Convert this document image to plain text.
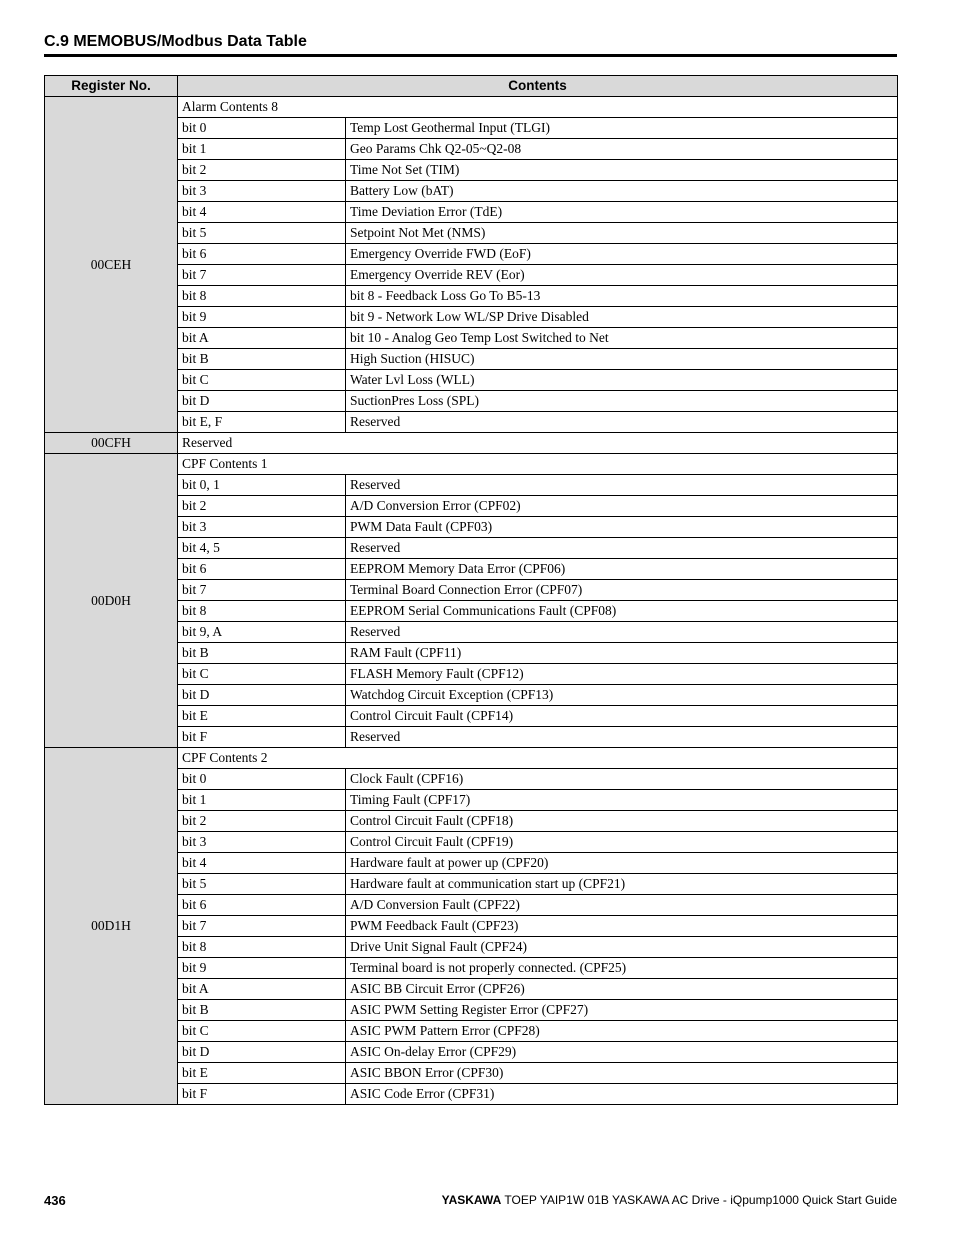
C.9 MEMOBUS/Modbus Data Table
Register No.	Contents	
00CEH	Alarm Contents 8	
	bit 0	Temp Lost Geothermal Input (TLGI)
	bit 1	Geo Params Chk Q2-05~Q2-08
	bit 2	Time Not Set (TIM)
	bit 3	Battery Low (bAT)
	bit 4	Time Deviation Error (TdE)
	bit 5	Setpoint Not Met (NMS)
	bit 6	Emergency Override FWD (EoF)
	bit 7	Emergency Override REV (Eor)
	bit 8	bit 8 - Feedback Loss Go To B5-13
	bit 9	bit 9 - Network Low WL/SP Drive Disabled
	bit A	bit 10 - Analog Geo Temp Lost Switched to Net
	bit B	High Suction (HISUC)
	bit C	Water Lvl Loss (WLL)
	bit D	SuctionPres Loss (SPL)
	bit E, F	Reserved
00CFH	Reserved	
00D0H	CPF Contents 1	
	bit 0, 1	Reserved
	bit 2	A/D Conversion Error (CPF02)
	bit 3	PWM Data Fault (CPF03)
	bit 4, 5	Reserved
	bit 6	EEPROM Memory Data Error (CPF06)
	bit 7	Terminal Board Connection Error (CPF07)
	bit 8	EEPROM Serial Communications Fault (CPF08)
	bit 9, A	Reserved
	bit B	RAM Fault (CPF11)
	bit C	FLASH Memory Fault (CPF12)
	bit D	Watchdog Circuit Exception (CPF13)
	bit E	Control Circuit Fault (CPF14)
	bit F	Reserved
00D1H	CPF Contents 2	
	bit 0	Clock Fault (CPF16)
	bit 1	Timing Fault (CPF17)
	bit 2	Control Circuit Fault (CPF18)
	bit 3	Control Circuit Fault (CPF19)
	bit 4	Hardware fault at power up (CPF20)
	bit 5	Hardware fault at communication start up (CPF21)
	bit 6	A/D Conversion Fault (CPF22)
	bit 7	PWM Feedback Fault (CPF23)
	bit 8	Drive Unit Signal Fault (CPF24)
	bit 9	Terminal board is not properly connected. (CPF25)
	bit A	ASIC BB Circuit Error (CPF26)
	bit B	ASIC PWM Setting Register Error (CPF27)
	bit C	ASIC PWM Pattern Error (CPF28)
	bit D	ASIC On-delay Error (CPF29)
	bit E	ASIC BBON Error (CPF30)
	bit F	ASIC Code Error (CPF31)
436	YASKAWA TOEP YAIP1W 01B YASKAWA AC Drive - iQpump1000 Quick Start Guide
